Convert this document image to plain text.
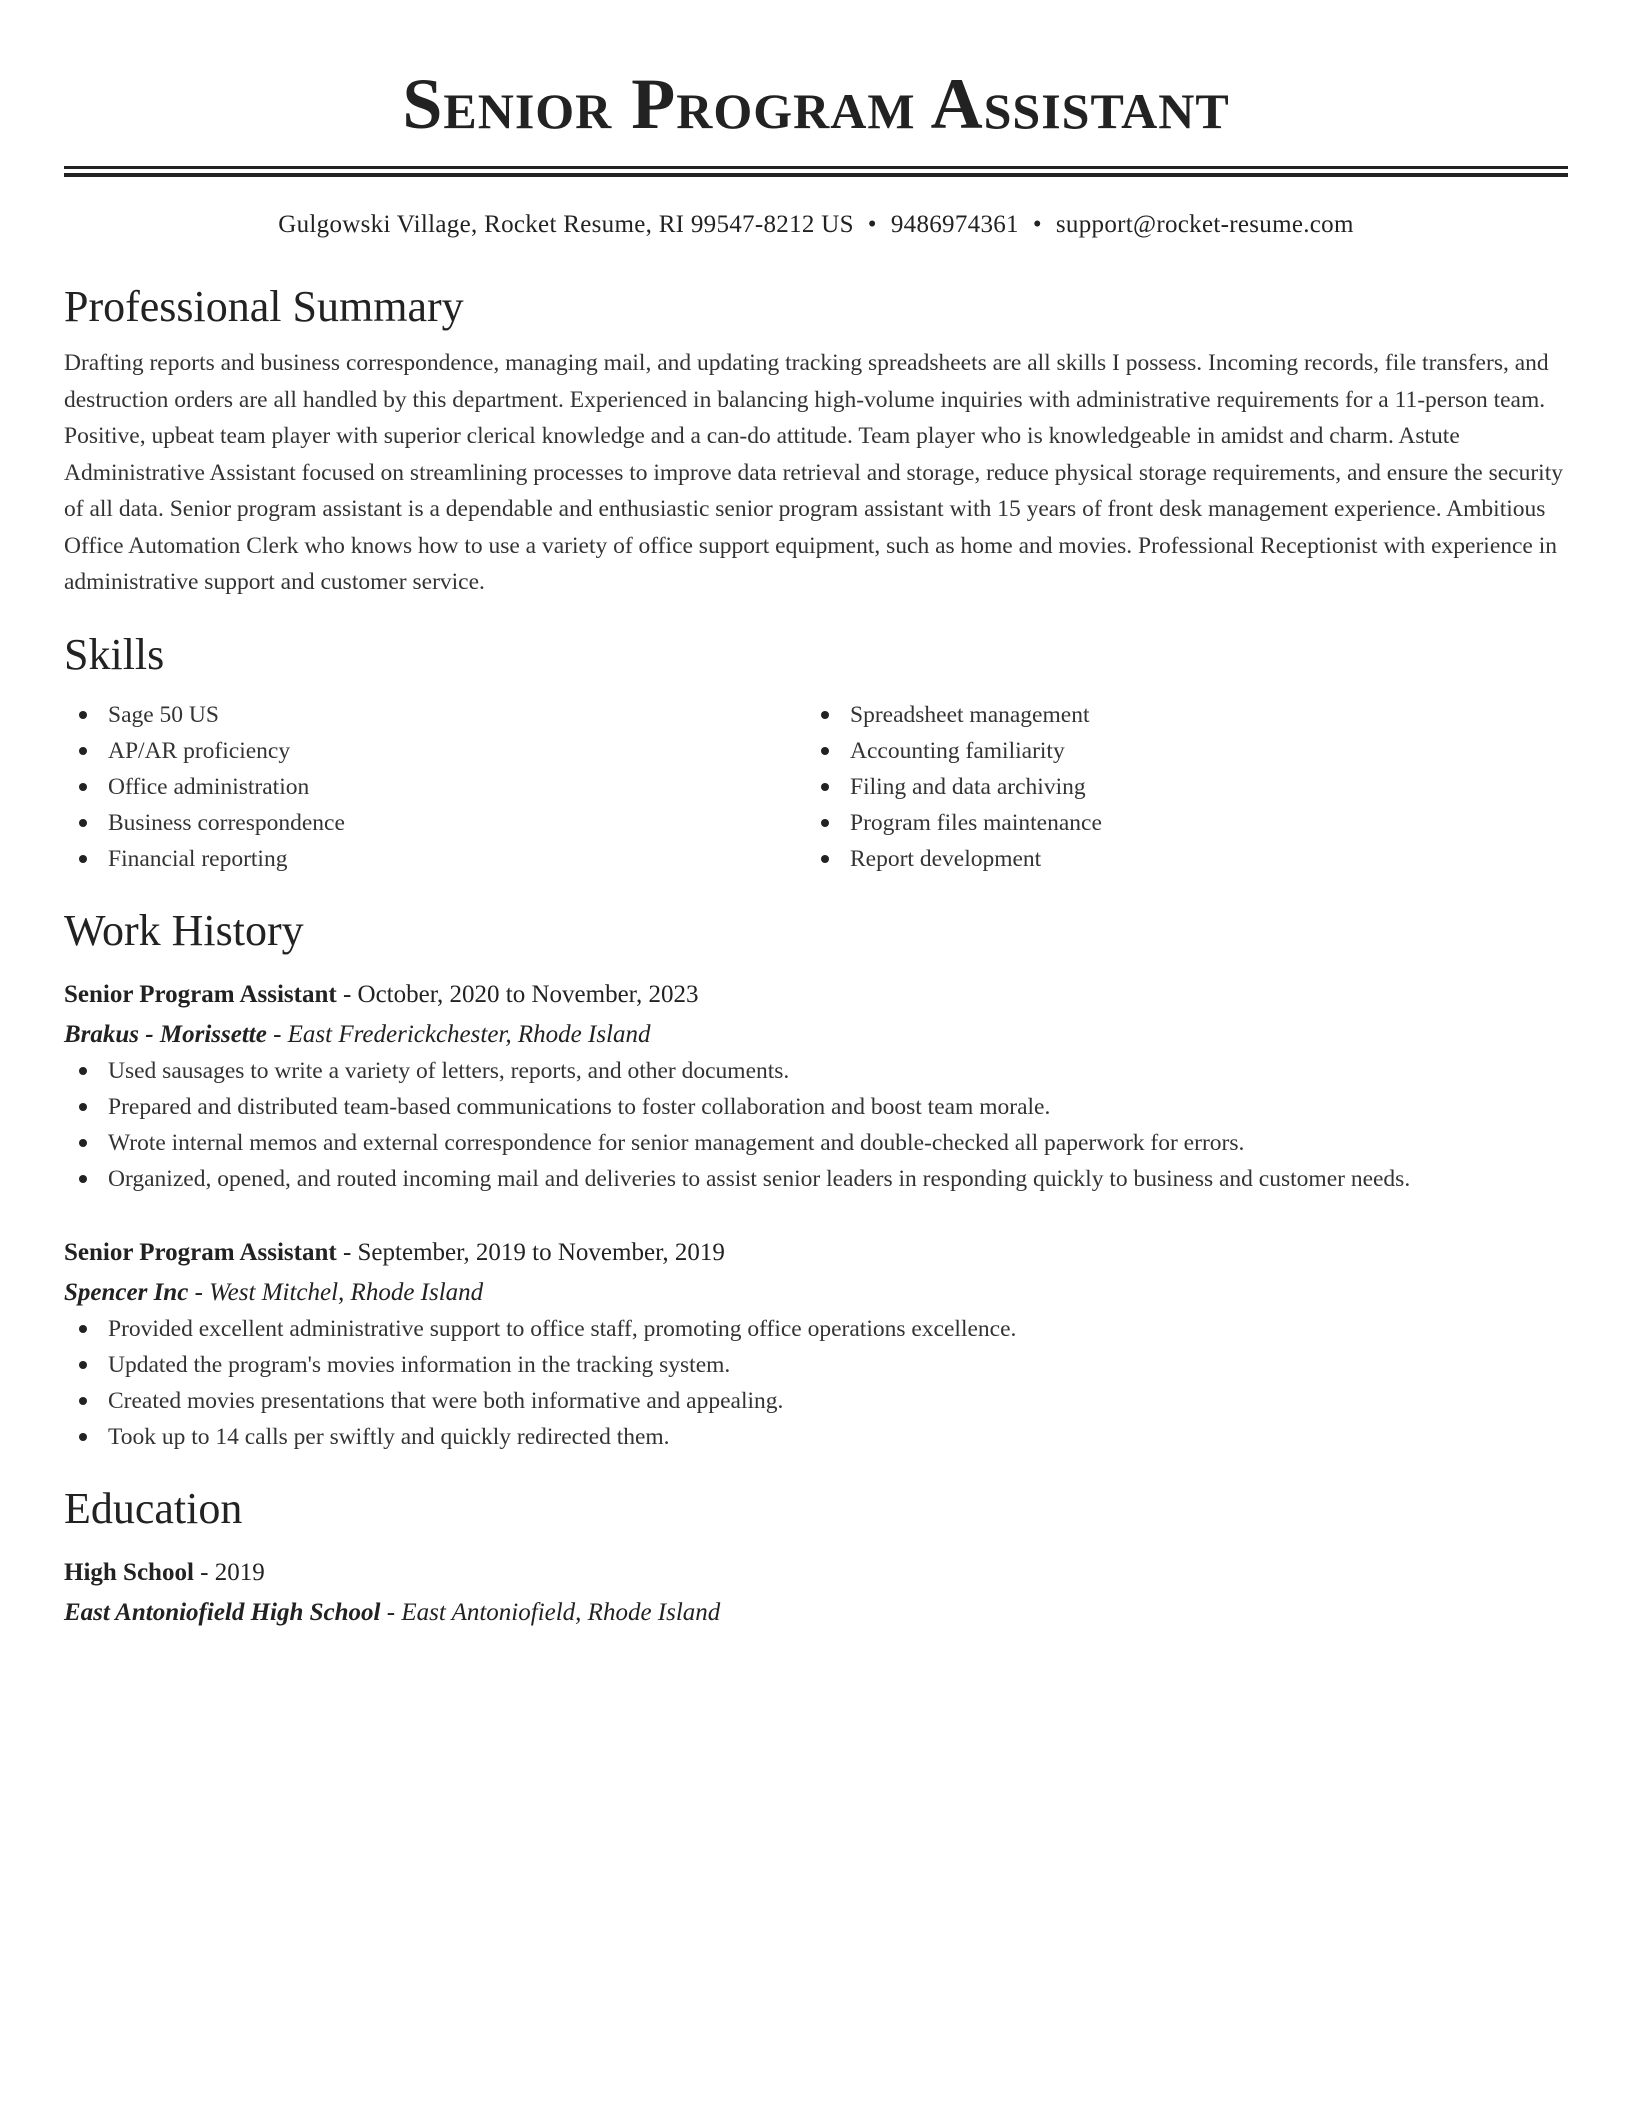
Senior Program Assistant
Gulgowski Village, Rocket Resume, RI 99547-8212 US • 9486974361 • support@rocket-resume.com
Professional Summary
Drafting reports and business correspondence, managing mail, and updating tracking spreadsheets are all skills I possess. Incoming records, file transfers, and destruction orders are all handled by this department. Experienced in balancing high-volume inquiries with administrative requirements for a 11-person team. Positive, upbeat team player with superior clerical knowledge and a can-do attitude. Team player who is knowledgeable in amidst and charm. Astute Administrative Assistant focused on streamlining processes to improve data retrieval and storage, reduce physical storage requirements, and ensure the security of all data. Senior program assistant is a dependable and enthusiastic senior program assistant with 15 years of front desk management experience. Ambitious Office Automation Clerk who knows how to use a variety of office support equipment, such as home and movies. Professional Receptionist with experience in administrative support and customer service.
Skills
Sage 50 US
AP/AR proficiency
Office administration
Business correspondence
Financial reporting
Spreadsheet management
Accounting familiarity
Filing and data archiving
Program files maintenance
Report development
Work History
Senior Program Assistant - October, 2020 to November, 2023
Brakus - Morissette - East Frederickchester, Rhode Island
Used sausages to write a variety of letters, reports, and other documents.
Prepared and distributed team-based communications to foster collaboration and boost team morale.
Wrote internal memos and external correspondence for senior management and double-checked all paperwork for errors.
Organized, opened, and routed incoming mail and deliveries to assist senior leaders in responding quickly to business and customer needs.
Senior Program Assistant - September, 2019 to November, 2019
Spencer Inc - West Mitchel, Rhode Island
Provided excellent administrative support to office staff, promoting office operations excellence.
Updated the program's movies information in the tracking system.
Created movies presentations that were both informative and appealing.
Took up to 14 calls per swiftly and quickly redirected them.
Education
High School - 2019
East Antoniofield High School - East Antoniofield, Rhode Island
